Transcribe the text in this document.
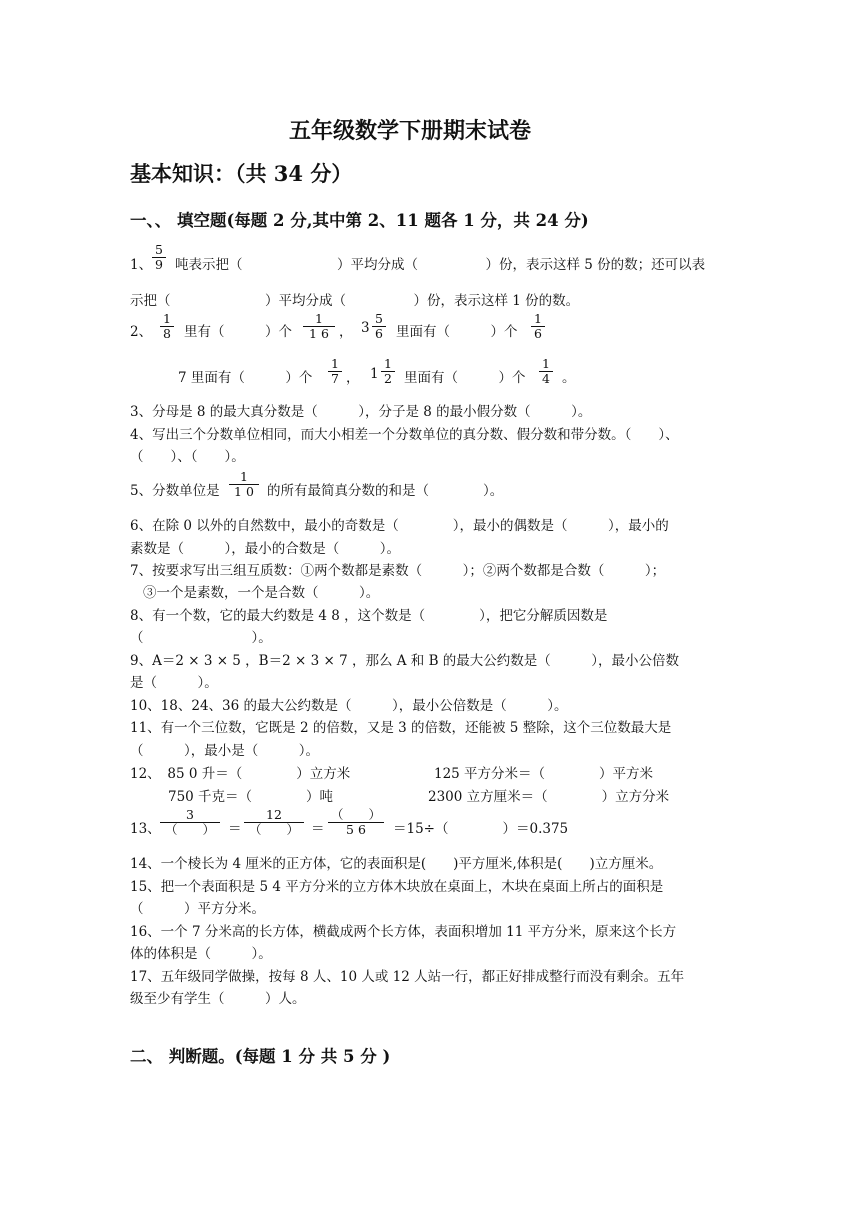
五年级数学下册期末试卷
基本知识：（共 34 分）
一、、 填空题(每题 2 分,其中第 2、11 题各 1 分，共 24 分)
1、 $\frac{5}{9}$ 吨表示把（　　　　　　　）平均分成（　　　　　）份，表示这样 5 份的数；还可以表
示把（　　　　　　　）平均分成（　　　　　）份，表示这样 1 份的数。
2、 $\frac{1}{8}$ 里有（　　　）个 $\frac{1}{1 6}$ ， $3 \frac{5}{6}$ 里面有（　　　）个 $\frac{1}{6}$
7 里面有（　　　）个 $\frac{1}{7}$ ， $1 \frac{1}{2}$ 里面有（　　　）个 $\frac{1}{4}$ 。
3、分母是 8 的最大真分数是（　　　），分子是 8 的最小假分数（　　　）。
4、写出三个分数单位相同，而大小相差一个分数单位的真分数、假分数和带分数。（　　）、
（　　）、（　　）。
5、分数单位是 $\frac{1}{1 0}$ 的所有最简真分数的和是（　　　　）。
6、在除 0 以外的自然数中，最小的奇数是（　　　　），最小的偶数是（　　　），最小的
素数是（　　　），最小的合数是（　　　）。
7、按要求写出三组互质数：①两个数都是素数（　　　）；②两个数都是合数（　　　）；
③一个是素数，一个是合数（　　　）。
8、有一个数，它的最大约数是 4 8 ，这个数是（　　　　），把它分解质因数是
（　　　　　　　　）。
9、A＝2 × 3 × 5 ，B＝2 × 3 × 7 ，那么 A 和 B 的最大公约数是（　　　），最小公倍数
是（　　　）。
10、18、24、36 的最大公约数是（　　　），最小公倍数是（　　　）。
11、有一个三位数，它既是 2 的倍数，又是 3 的倍数，还能被 5 整除，这个三位数最大是
（　　　），最小是（　　　）。
12、　85 0 升＝（　　　　）立方米	125 平方分米＝（　　　　）平方米
750 千克＝（　　　　）吨	2300 立方厘米＝（　　　　）立方分米
13、
3
（　　） ＝
12
（　　） ＝
（　　）
5 6	＝15÷（　　　　）＝0.375
14、一个棱长为 4 厘米的正方体，它的表面积是(　　)平方厘米,体积是(　　)立方厘米。
15、把一个表面积是 5 4 平方分米的立方体木块放在桌面上，木块在桌面上所占的面积是
（　　　）平方分米。
16、一个 7 分米高的长方体，横截成两个长方体，表面积增加 11 平方分米，原来这个长方
体的体积是（　　　）。
17、五年级同学做操，按每 8 人、10 人或 12 人站一行，都正好排成整行而没有剩余。五年
级至少有学生（　　　）人。
二、 判断题。(每题 1 分 共 5 分 )
